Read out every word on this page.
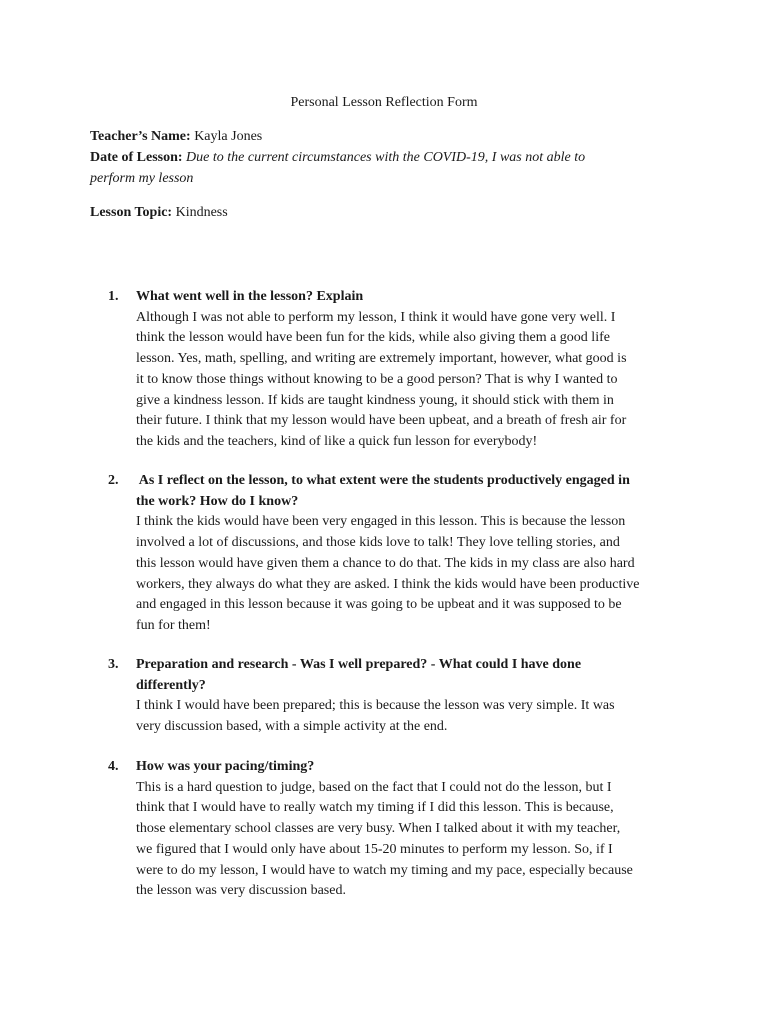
Personal Lesson Reflection Form
Teacher’s Name: Kayla Jones
Date of Lesson: Due to the current circumstances with the COVID-19, I was not able to
perform my lesson
Lesson Topic: Kindness
1. What went well in the lesson? Explain
Although I was not able to perform my lesson, I think it would have gone very well. I
think the lesson would have been fun for the kids, while also giving them a good life
lesson. Yes, math, spelling, and writing are extremely important, however, what good is
it to know those things without knowing to be a good person? That is why I wanted to
give a kindness lesson. If kids are taught kindness young, it should stick with them in
their future. I think that my lesson would have been upbeat, and a breath of fresh air for
the kids and the teachers, kind of like a quick fun lesson for everybody!
2. As I reflect on the lesson, to what extent were the students productively engaged in
the work? How do I know?
I think the kids would have been very engaged in this lesson. This is because the lesson
involved a lot of discussions, and those kids love to talk! They love telling stories, and
this lesson would have given them a chance to do that. The kids in my class are also hard
workers, they always do what they are asked. I think the kids would have been productive
and engaged in this lesson because it was going to be upbeat and it was supposed to be
fun for them!
3. Preparation and research - Was I well prepared? - What could I have done
differently?
I think I would have been prepared; this is because the lesson was very simple. It was
very discussion based, with a simple activity at the end.
4. How was your pacing/timing?
This is a hard question to judge, based on the fact that I could not do the lesson, but I
think that I would have to really watch my timing if I did this lesson. This is because,
those elementary school classes are very busy. When I talked about it with my teacher,
we figured that I would only have about 15-20 minutes to perform my lesson. So, if I
were to do my lesson, I would have to watch my timing and my pace, especially because
the lesson was very discussion based.
